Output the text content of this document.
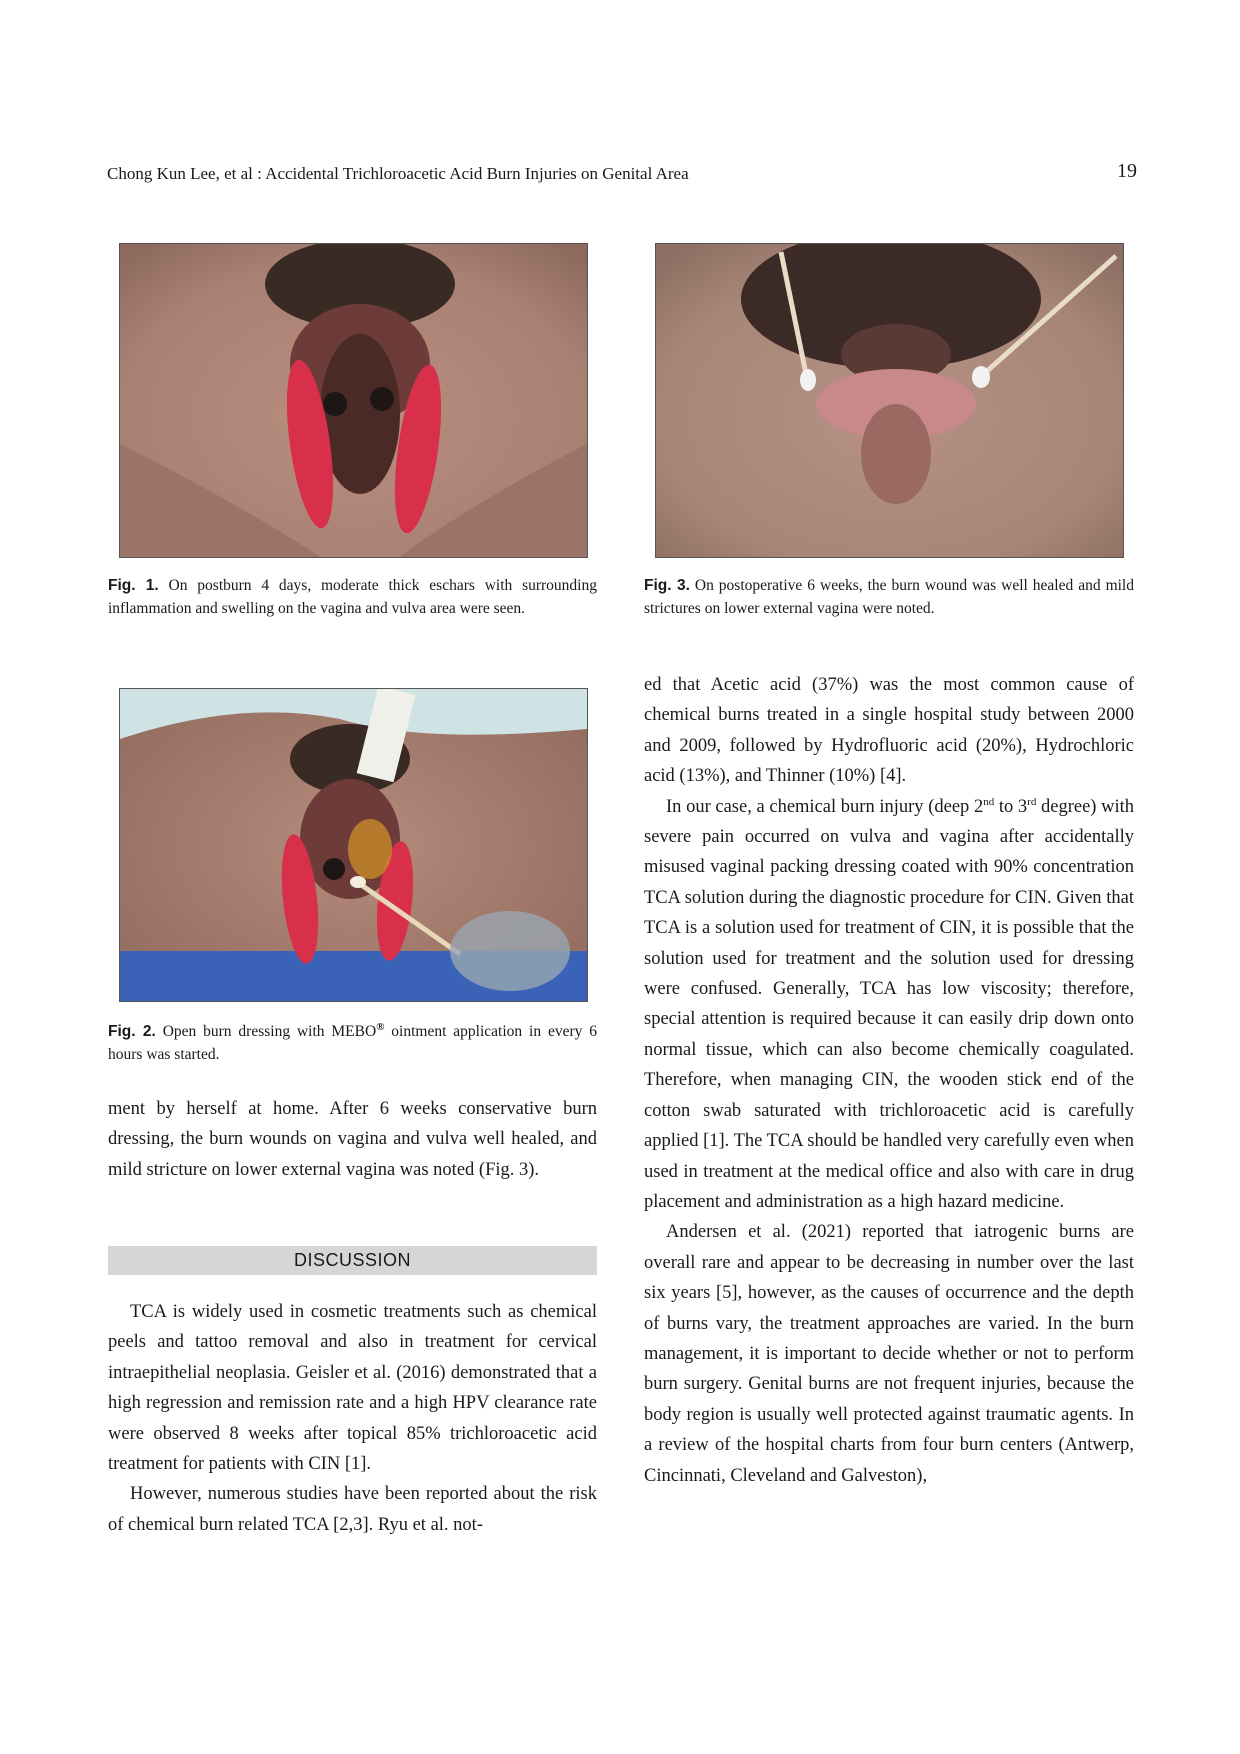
Chong Kun Lee, et al : Accidental Trichloroacetic Acid Burn Injuries on Genital Area	19
Fig. 1. On postburn 4 days, moderate thick eschars with surrounding inflammation and swelling on the vagina and vulva area were seen.
Fig. 3. On postoperative 6 weeks, the burn wound was well healed and mild strictures on lower external vagina were noted.
Fig. 2. Open burn dressing with MEBO® ointment application in every 6 hours was started.

ment by herself at home. After 6 weeks conservative burn dressing, the burn wounds on vagina and vulva well healed, and mild stricture on lower external vagina was noted (Fig. 3).

DISCUSSION

TCA is widely used in cosmetic treatments such as chemical peels and tattoo removal and also in treatment for cervical intraepithelial neoplasia. Geisler et al. (2016) demonstrated that a high regression and remission rate and a high HPV clearance rate were observed 8 weeks after topical 85% trichloroacetic acid treatment for patients with CIN [1].

However, numerous studies have been reported about the risk of chemical burn related TCA [2,3]. Ryu et al. not-

ed that Acetic acid (37%) was the most common cause of chemical burns treated in a single hospital study between 2000 and 2009, followed by Hydrofluoric acid (20%), Hydrochloric acid (13%), and Thinner (10%) [4].

In our case, a chemical burn injury (deep 2nd to 3rd degree) with severe pain occurred on vulva and vagina after accidentally misused vaginal packing dressing coated with 90% concentration TCA solution during the diagnostic procedure for CIN. Given that TCA is a solution used for treatment of CIN, it is possible that the solution used for treatment and the solution used for dressing were confused. Generally, TCA has low viscosity; therefore, special attention is required because it can easily drip down onto normal tissue, which can also become chemically coagulated. Therefore, when managing CIN, the wooden stick end of the cotton swab saturated with trichloroacetic acid is carefully applied [1]. The TCA should be handled very carefully even when used in treatment at the medical office and also with care in drug placement and administration as a high hazard medicine.

Andersen et al. (2021) reported that iatrogenic burns are overall rare and appear to be decreasing in number over the last six years [5], however, as the causes of occurrence and the depth of burns vary, the treatment approaches are varied. In the burn management, it is important to decide whether or not to perform burn surgery. Genital burns are not frequent injuries, because the body region is usually well protected against traumatic agents. In a review of the hospital charts from four burn centers (Antwerp, Cincinnati, Cleveland and Galveston),
